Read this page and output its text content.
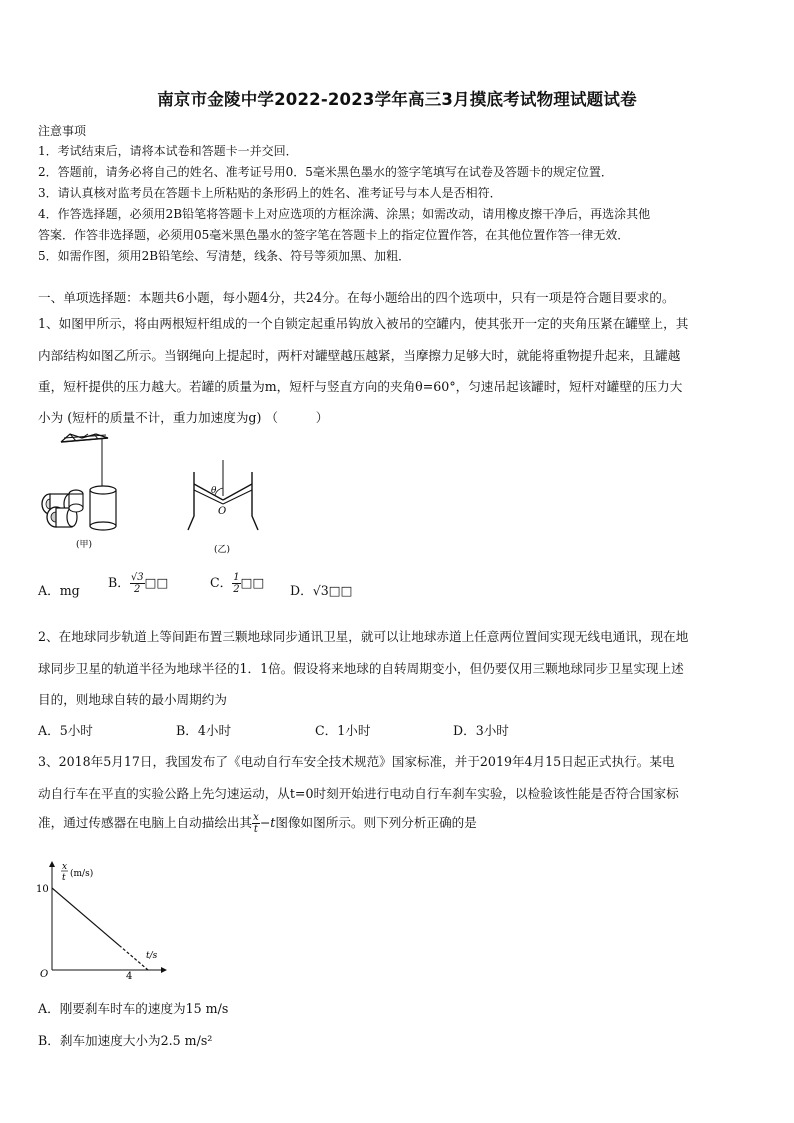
南京市金陵中学2022-2023学年高三3月摸底考试物理试题试卷
注意事项
1．考试结束后，请将本试卷和答题卡一并交回．
2．答题前，请务必将自己的姓名、准考证号用0．5毫米黑色墨水的签字笔填写在试卷及答题卡的规定位置．
3．请认真核对监考员在答题卡上所粘贴的条形码上的姓名、准考证号与本人是否相符．
4．作答选择题，必须用2B铅笔将答题卡上对应选项的方框涂满、涂黑；如需改动，请用橡皮擦干净后，再选涂其他
答案．作答非选择题，必须用05毫米黑色墨水的签字笔在答题卡上的指定位置作答，在其他位置作答一律无效．
5．如需作图，须用2B铅笔绘、写清楚，线条、符号等须加黑、加粗．
一、单项选择题：本题共6小题，每小题4分，共24分。在每小题给出的四个选项中，只有一项是符合题目要求的。
1、如图甲所示，将由两根短杆组成的一个自锁定起重吊钩放入被吊的空罐内，使其张开一定的夹角压紧在罐壁上，其
内部结构如图乙所示。当钢绳向上提起时，两杆对罐壁越压越紧，当摩擦力足够大时，就能将重物提升起来，且罐越
重，短杆提供的压力越大。若罐的质量为m，短杆与竖直方向的夹角θ=60°，匀速吊起该罐时，短杆对罐壁的压力大
小为 (短杆的质量不计，重力加速度为g) （　　　）
(甲)
θ
O
(乙)
A．mg
B． $\frac{√3}{2}$ □□	C． $\frac{1}{2}$ □□
D．√3□□
2、在地球同步轨道上等间距布置三颗地球同步通讯卫星，就可以让地球赤道上任意两位置间实现无线电通讯，现在地
球同步卫星的轨道半径为地球半径的1．1倍。假设将来地球的自转周期变小，但仍要仅用三颗地球同步卫星实现上述
目的，则地球自转的最小周期约为
A．5小时	B．4小时	C．1小时	D．3小时
3、2018年5月17日，我国发布了《电动自行车安全技术规范》国家标准，并于2019年4月15日起正式执行。某电
动自行车在平直的实验公路上先匀速运动，从t=0时刻开始进行电动自行车刹车实验，以检验该性能是否符合国家标
准，通过传感器在电脑上自动描绘出其 $\frac{x}{t} -t$图像如图所示。则下列分析正确的是
x
t (m/s)
t/s
O
10
4
A．刚要刹车时车的速度为15 m/s
B．刹车加速度大小为2.5 m/s²
